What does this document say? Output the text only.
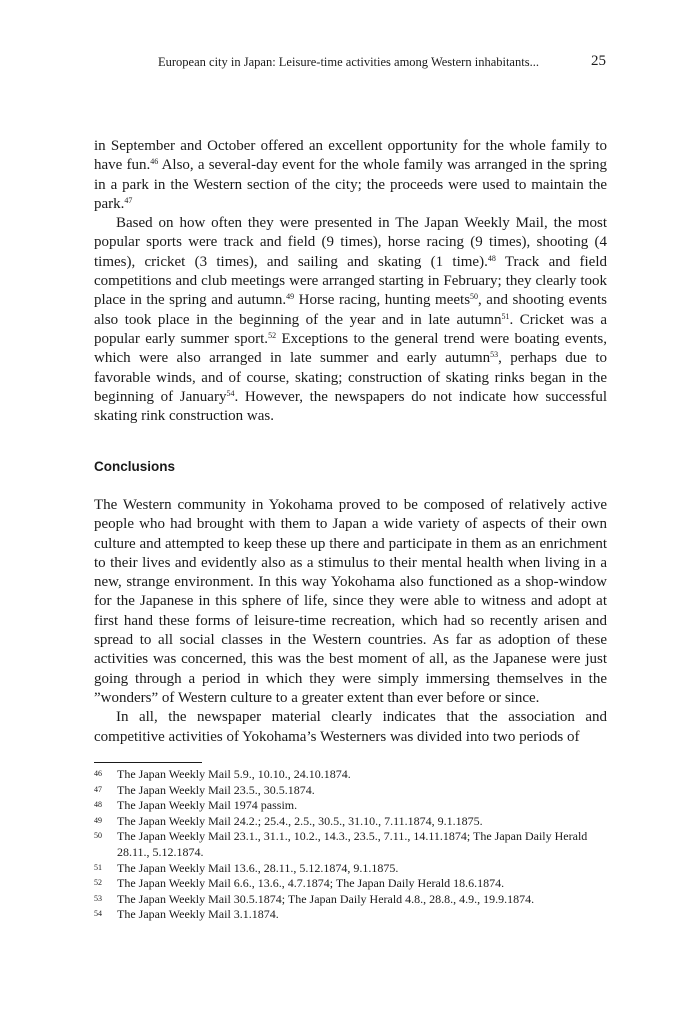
European city in Japan: Leisure-time activities among Western inhabitants...	25

in September and October offered an excellent opportunity for the whole family to have fun.$^{46}$ Also, a several-day event for the whole family was arranged in the spring in a park in the Western section of the city; the proceeds were used to maintain the park.$^{47}$

Based on how often they were presented in The Japan Weekly Mail, the most popular sports were track and field (9 times), horse racing (9 times), shooting (4 times), cricket (3 times), and sailing and skating (1 time).$^{48}$ Track and field competitions and club meetings were arranged starting in February; they clearly took place in the spring and autumn.$^{49}$ Horse racing, hunting meets$^{50}$, and shooting events also took place in the beginning of the year and in late autumn$^{51}$. Cricket was a popular early summer sport.$^{52}$ Exceptions to the general trend were boating events, which were also arranged in late summer and early autumn$^{53}$, perhaps due to favorable winds, and of course, skating; construction of skating rinks began in the beginning of January$^{54}$. However, the newspapers do not indicate how successful skating rink construction was.

Conclusions

The Western community in Yokohama proved to be composed of relatively active people who had brought with them to Japan a wide variety of aspects of their own culture and attempted to keep these up there and participate in them as an enrichment to their lives and evidently also as a stimulus to their mental health when living in a new, strange environment. In this way Yokohama also functioned as a shop-window for the Japanese in this sphere of life, since they were able to witness and adopt at first hand these forms of leisure-time recreation, which had so recently arisen and spread to all social classes in the Western countries. As far as adoption of these activities was concerned, this was the best moment of all, as the Japanese were just going through a period in which they were simply immersing themselves in the ”wonders” of Western culture to a greater extent than ever before or since.

In all, the newspaper material clearly indicates that the association and competitive activities of Yokohama’s Westerners was divided into two periods of

46 The Japan Weekly Mail 5.9., 10.10., 24.10.1874.
47 The Japan Weekly Mail 23.5., 30.5.1874.
48 The Japan Weekly Mail 1974 passim.
49 The Japan Weekly Mail 24.2.; 25.4., 2.5., 30.5., 31.10., 7.11.1874, 9.1.1875.
50 The Japan Weekly Mail 23.1., 31.1., 10.2., 14.3., 23.5., 7.11., 14.11.1874; The Japan Daily Herald 28.11., 5.12.1874.
51 The Japan Weekly Mail 13.6., 28.11., 5.12.1874, 9.1.1875.
52 The Japan Weekly Mail 6.6., 13.6., 4.7.1874; The Japan Daily Herald 18.6.1874.
53 The Japan Weekly Mail 30.5.1874; The Japan Daily Herald 4.8., 28.8., 4.9., 19.9.1874.
54 The Japan Weekly Mail 3.1.1874.
